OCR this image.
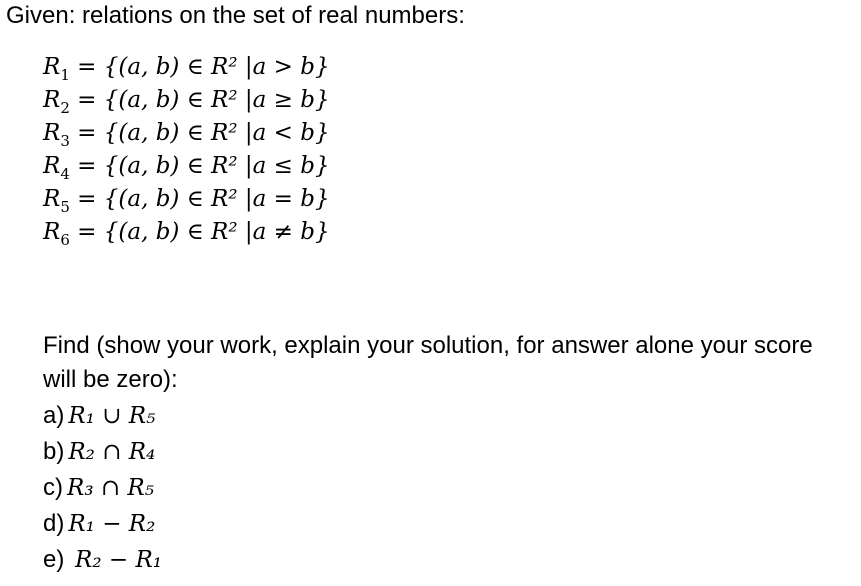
Given: relations on the set of real numbers:
$R_1 = \{(a$, b) ∈ R² |a > b}
$R_2 = \{(a$, b) ∈ R² |a ≥ b}
$R_3 = \{(a$, b) ∈ R² |a < b}
$R_4 = \{(a$, b) ∈ R² |a ≤ b}
$R_5 = \{(a$, b) ∈ R² |a = b}
$R_6 = \{(a$, b) ∈ R² |a ≠ b}
Find (show your work, explain your solution, for answer alone your score
will be zero):
a) R₁ ∪ R₅
b) R₂ ∩ R₄
c) R₃ ∩ R₅
d) R₁ − R₂
e) R₂ − R₁
